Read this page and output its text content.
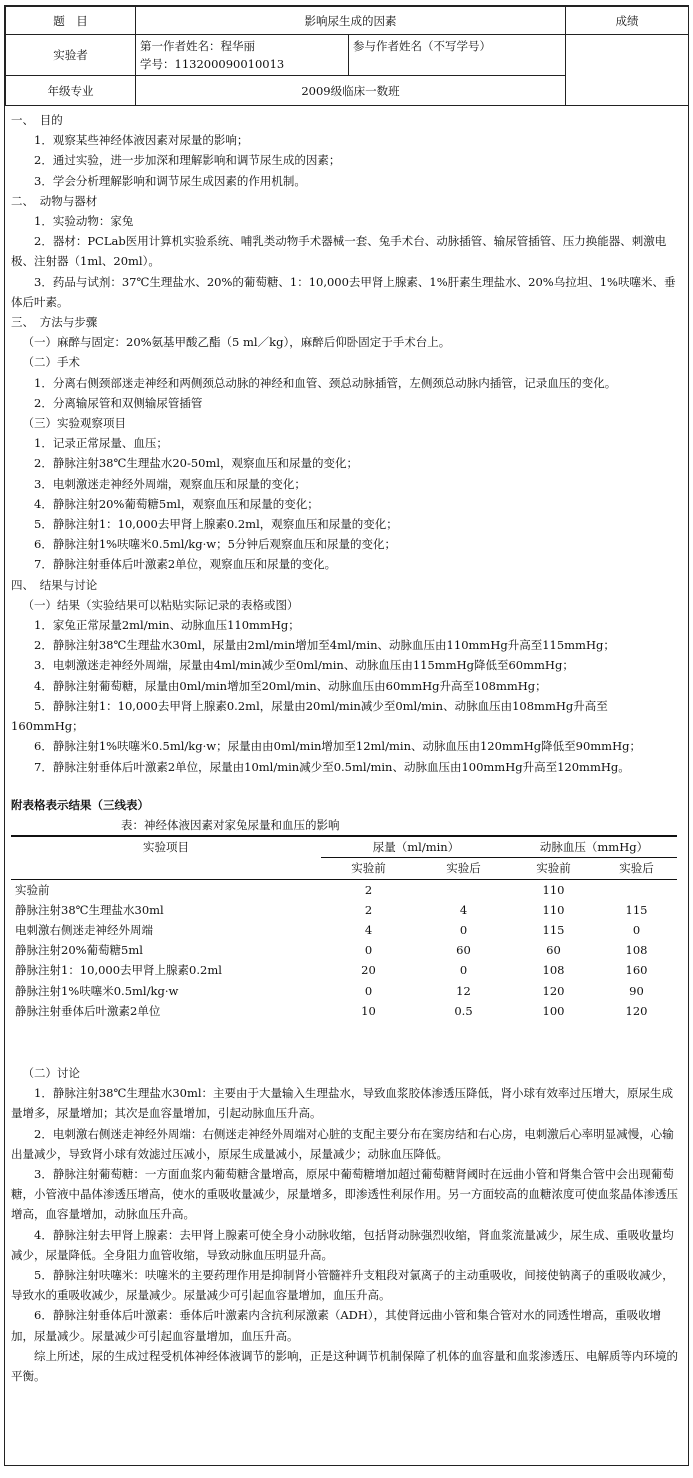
题　目	影响尿生成的因素		成绩
实验者	第一作者姓名：程华丽
学号：113200090010013	参与作者姓名（不写学号）	
年级专业	2009级临床一数班		

一、　目的

1．观察某些神经体液因素对尿量的影响；

2．通过实验，进一步加深和理解影响和调节尿生成的因素；

3．学会分析理解影响和调节尿生成因素的作用机制。

二、　动物与器材

1．实验动物：家兔

2．器材：PCLab医用计算机实验系统、哺乳类动物手术器械一套、兔手术台、动脉插管、输尿管插管、压力换能器、刺激电极、注射器（1ml、20ml）。

3．药品与试剂：37℃生理盐水、20%的葡萄糖、1：10,000去甲肾上腺素、1%肝素生理盐水、20%乌拉坦、1%呋噻米、垂体后叶素。

三、　方法与步骤

（一）麻醉与固定：20%氨基甲酸乙酯（5 ml／kg），麻醉后仰卧固定于手术台上。

（二）手术

1．分离右侧颈部迷走神经和两侧颈总动脉的神经和血管、颈总动脉插管，左侧颈总动脉内插管，记录血压的变化。

2．分离输尿管和双侧输尿管插管

（三）实验观察项目

1．记录正常尿量、血压；

2．静脉注射38℃生理盐水20-50ml，观察血压和尿量的变化；

3．电刺激迷走神经外周端，观察血压和尿量的变化；

4．静脉注射20%葡萄糖5ml，观察血压和尿量的变化；

5．静脉注射1：10,000去甲肾上腺素0.2ml，观察血压和尿量的变化；

6．静脉注射1%呋噻米0.5ml/kg·w；5分钟后观察血压和尿量的变化；

7．静脉注射垂体后叶激素2单位，观察血压和尿量的变化。

四、　结果与讨论

（一）结果（实验结果可以粘贴实际记录的表格或图）

1．家兔正常尿量2ml/min、动脉血压110mmHg；

2．静脉注射38℃生理盐水30ml，尿量由2ml/min增加至4ml/min、动脉血压由110mmHg升高至115mmHg；

3．电刺激迷走神经外周端，尿量由4ml/min减少至0ml/min、动脉血压由115mmHg降低至60mmHg；

4．静脉注射葡萄糖，尿量由0ml/min增加至20ml/min、动脉血压由60mmHg升高至108mmHg；

5．静脉注射1：10,000去甲肾上腺素0.2ml，尿量由20ml/min减少至0ml/min、动脉血压由108mmHg升高至160mmHg；

6．静脉注射1%呋噻米0.5ml/kg·w；尿量由由0ml/min增加至12ml/min、动脉血压由120mmHg降低至90mmHg；

7．静脉注射垂体后叶激素2单位，尿量由10ml/min减少至0.5ml/min、动脉血压由100mmHg升高至120mmHg。

附表格表示结果（三线表）

表：神经体液因素对家兔尿量和血压的影响

实验项目	尿量（ml/min）		动脉血压（mmHg）	
	实验前	实验后	实验前	实验后
实验前	2		110	
静脉注射38℃生理盐水30ml	2	4	110	115
电刺激右侧迷走神经外周端	4	0	115	0
静脉注射20%葡萄糖5ml	0	60	60	108
静脉注射1：10,000去甲肾上腺素0.2ml	20	0	108	160
静脉注射1%呋噻米0.5ml/kg·w	0	12	120	90
静脉注射垂体后叶激素2单位	10	0.5	100	120

（二）讨论

1．静脉注射38℃生理盐水30ml：主要由于大量输入生理盐水，导致血浆胶体渗透压降低，肾小球有效率过压增大，原尿生成量增多，尿量增加；其次是血容量增加，引起动脉血压升高。

2．电刺激右侧迷走神经外周端：右侧迷走神经外周端对心脏的支配主要分布在窦房结和右心房，电刺激后心率明显减慢，心输出量减少，导致肾小球有效滤过压减小，原尿生成量减小，尿量减少；动脉血压降低。

3．静脉注射葡萄糖：一方面血浆内葡萄糖含量增高，原尿中葡萄糖增加超过葡萄糖肾阈时在远曲小管和肾集合管中会出现葡萄糖，小管液中晶体渗透压增高，使水的重吸收量减少，尿量增多，即渗透性利尿作用。另一方面较高的血糖浓度可使血浆晶体渗透压增高，血容量增加，动脉血压升高。

4．静脉注射去甲肾上腺素：去甲肾上腺素可使全身小动脉收缩，包括肾动脉强烈收缩，肾血浆流量减少，尿生成、重吸收量均减少，尿量降低。全身阻力血管收缩，导致动脉血压明显升高。

5．静脉注射呋噻米：呋噻米的主要药理作用是抑制肾小管髓袢升支粗段对氯离子的主动重吸收，间接使钠离子的重吸收减少，导致水的重吸收减少，尿量减少。尿量减少可引起血容量增加，血压升高。

6．静脉注射垂体后叶激素：垂体后叶激素内含抗利尿激素（ADH），其使肾远曲小管和集合管对水的同透性增高，重吸收增加，尿量减少。尿量减少可引起血容量增加，血压升高。

综上所述，尿的生成过程受机体神经体液调节的影响，正是这种调节机制保障了机体的血容量和血浆渗透压、电解质等内环境的平衡。
